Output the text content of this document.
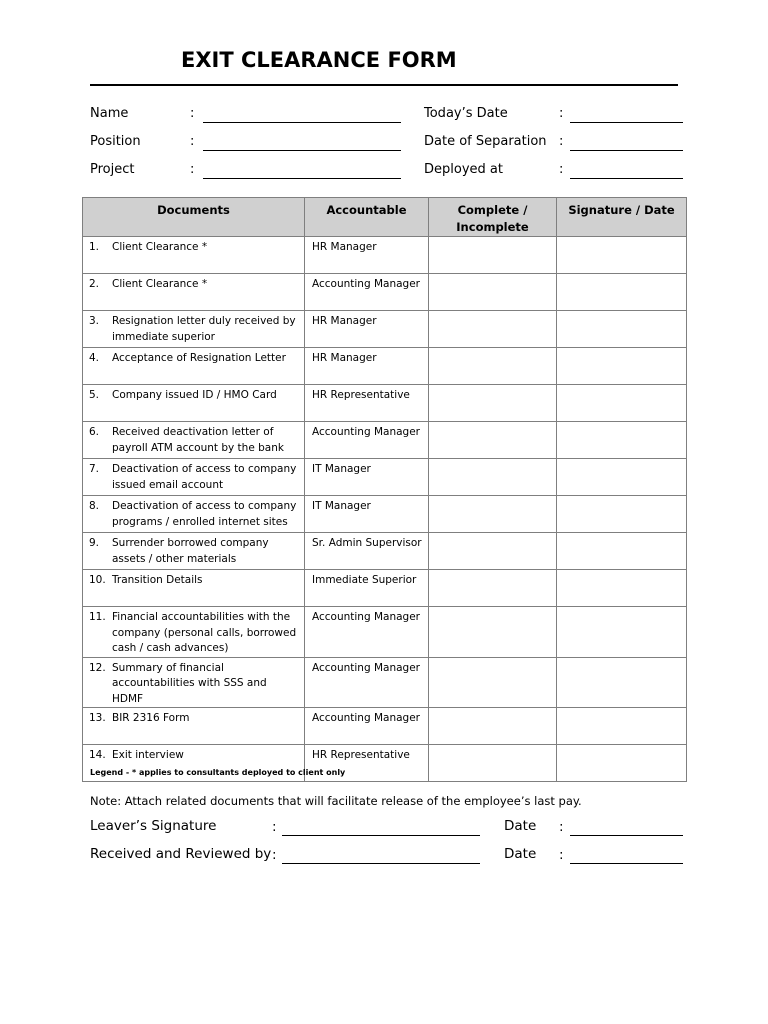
EXIT CLEARANCE FORM
Name	:
Position	:
Project	:
Today’s Date	:
Date of Separation :
Deployed at	:
Documents	Accountable	Complete / Incomplete	Signature / Date

1. Client Clearance *	HR Manager		

2. Client Clearance *	Accounting Manager		

3. Resignation letter duly received by immediate superior	HR Manager		

4. Acceptance of Resignation Letter	HR Manager		

5. Company issued ID / HMO Card	HR Representative		

6. Received deactivation letter of payroll ATM account by the bank	Accounting Manager		

7. Deactivation of access to company issued email account	IT Manager		

8. Deactivation of access to company programs / enrolled internet sites	IT Manager		

9. Surrender borrowed company assets / other materials	Sr. Admin Supervisor		

10. Transition Details	Immediate Superior		

11. Financial accountabilities with the company (personal calls, borrowed cash / cash advances)	Accounting Manager		

12. Summary of financial accountabilities with SSS and HDMF	Accounting Manager		

13. BIR 2316 Form	Accounting Manager		

14. Exit interview	HR Representative		
Legend - * applies to consultants deployed to client only
Note: Attach related documents that will facilitate release of the employee’s last pay.
Leaver’s Signature	:	Date :
Received and Reviewed by :	Date :
